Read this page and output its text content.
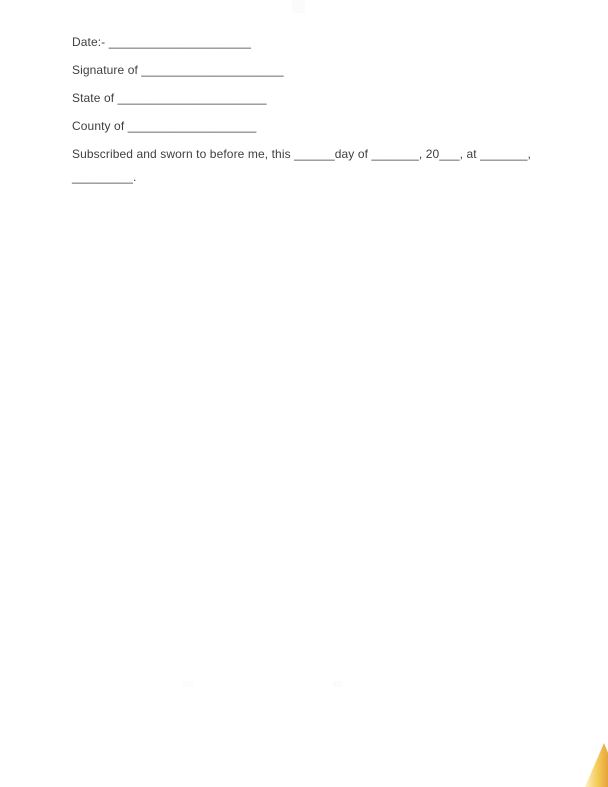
Date:- _____________________

Signature of _____________________

State of ______________________

County of ___________________

Subscribed and sworn to before me, this ______day of _______, 20___, at _______,
_________.
